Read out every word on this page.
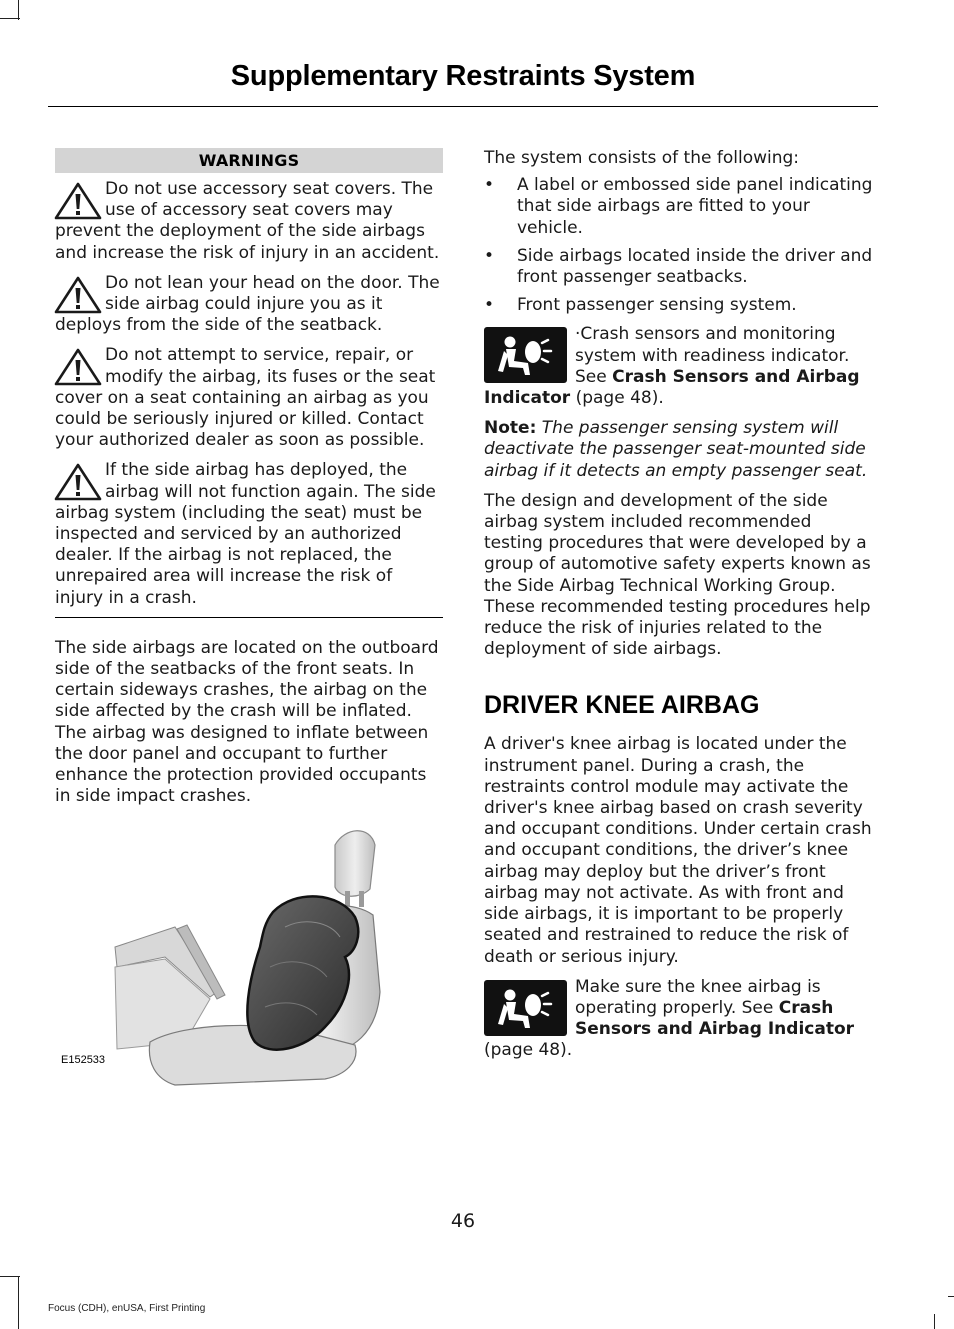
Supplementary Restraints System
WARNINGS

Do not use accessory seat covers. The use of accessory seat covers may prevent the deployment of the side airbags and increase the risk of injury in an accident.

Do not lean your head on the door. The side airbag could injure you as it deploys from the side of the seatback.

Do not attempt to service, repair, or modify the airbag, its fuses or the seat cover on a seat containing an airbag as you could be seriously injured or killed. Contact your authorized dealer as soon as possible.

If the side airbag has deployed, the airbag will not function again. The side airbag system (including the seat) must be inspected and serviced by an authorized dealer. If the airbag is not replaced, the unrepaired area will increase the risk of injury in a crash.

The side airbags are located on the outboard side of the seatbacks of the front seats. In certain sideways crashes, the airbag on the side affected by the crash will be inflated. The airbag was designed to inflate between the door panel and occupant to further enhance the protection provided occupants in side impact crashes.

E152533

The system consists of the following:

• A label or embossed side panel indicating that side airbags are fitted to your vehicle.
• Side airbags located inside the driver and front passenger seatbacks.
• Front passenger sensing system.

·Crash sensors and monitoring system with readiness indicator. See Crash Sensors and Airbag Indicator (page 48).

Note: The passenger sensing system will deactivate the passenger seat-mounted side airbag if it detects an empty passenger seat.

The design and development of the side airbag system included recommended testing procedures that were developed by a group of automotive safety experts known as the Side Airbag Technical Working Group. These recommended testing procedures help reduce the risk of injuries related to the deployment of side airbags.

DRIVER KNEE AIRBAG

A driver's knee airbag is located under the instrument panel. During a crash, the restraints control module may activate the driver's knee airbag based on crash severity and occupant conditions. Under certain crash and occupant conditions, the driver’s knee airbag may deploy but the driver’s front airbag may not activate. As with front and side airbags, it is important to be properly seated and restrained to reduce the risk of death or serious injury.

Make sure the knee airbag is operating properly. See Crash Sensors and Airbag Indicator (page 48).

46
Focus (CDH), enUSA, First Printing
